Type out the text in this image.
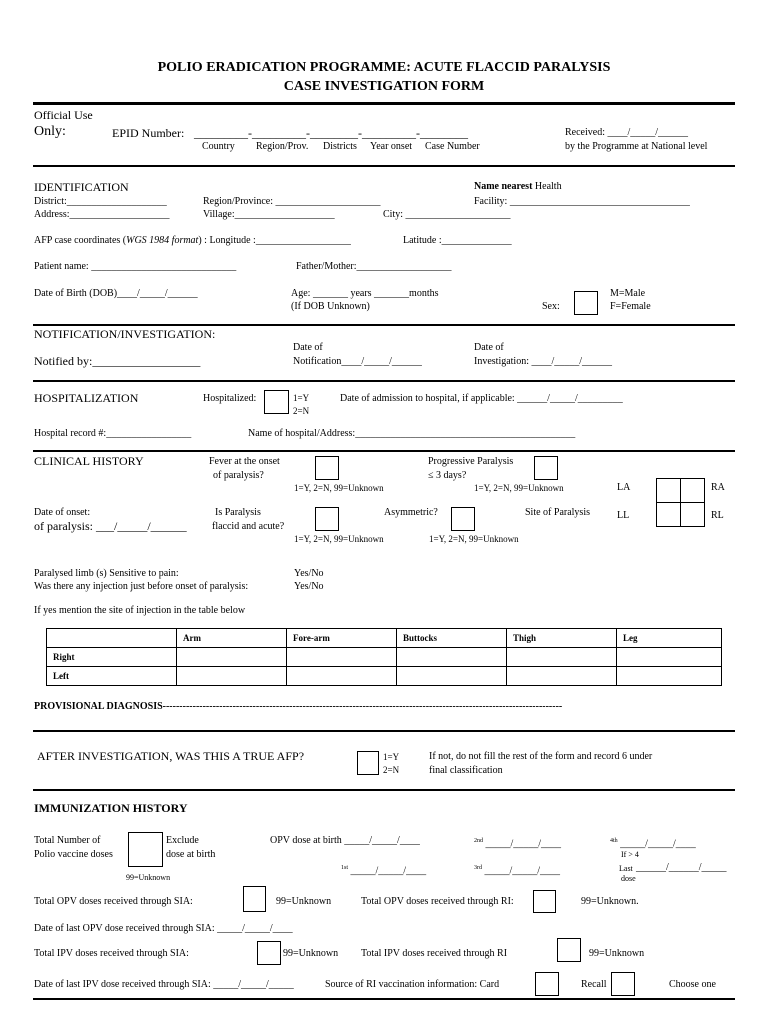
POLIO ERADICATION PROGRAMME: ACUTE FLACCID PARALYSIS
CASE INVESTIGATION FORM
Official Use
Only:	EPID Number: _________-_________-________-_________-________
Country Region/Prov. Districts Year onset Case Number
Received: ____/_____/______
by the Programme at National level
IDENTIFICATION	Name nearest Health
District:____________________	Region/Province: _____________________	Facility: ____________________________________
Address:____________________	Village:____________________	City: _____________________
AFP case coordinates (WGS 1984 format) : Longitude :___________________	Latitude :______________
Patient name: _____________________________	Father/Mother:___________________
Date of Birth (DOB)____/_____/______	Age: _______ years _______months
(If DOB Unknown)	Sex:
M=Male
F=Female
NOTIFICATION/INVESTIGATION:
Notified by:__________________
Date of
Notification____/_____/______
Date of
Investigation: ____/_____/______
HOSPITALIZATION	Hospitalized:	1=Y
2=N
Date of admission to hospital, if applicable: ______/_____/_________
Hospital record #:_________________	Name of hospital/Address:____________________________________________
CLINICAL HISTORY	Fever at the onset
of paralysis?
1=Y, 2=N, 99=Unknown
Progressive Paralysis
≤ 3 days?
1=Y, 2=N, 99=Unknown	LA	RA
LL	RL
Date of onset:
of paralysis: ___/_____/______
Is Paralysis
flaccid and acute?
1=Y, 2=N, 99=Unknown
Asymmetric?
1=Y, 2=N, 99=Unknown
Site of Paralysis
Paralysed limb (s) Sensitive to pain:	Yes/No
Was there any injection just before onset of paralysis:	Yes/No
If yes mention the site of injection in the table below
	Arm	Fore-arm	Buttocks	Thigh	Leg
Right					
Left					
PROVISIONAL DIAGNOSIS------------------------------------------------------------------------------------------------------------------------
AFTER INVESTIGATION, WAS THIS A TRUE AFP?	1=Y
2=N
If not, do not fill the rest of the form and record 6 under
final classification
IMMUNIZATION HISTORY
Total Number of
Polio vaccine doses
Exclude
dose at birth
99=Unknown
OPV dose at birth _____/_____/____	$^{2nd}$ _____/_____/____	$^{4th}$ _____/_____/____
If > 4
$^{1st}$ _____/_____/____	$^{3rd}$ _____/_____/____	Last ______/______/_____
dose
Total OPV doses received through SIA:	99=Unknown	Total OPV doses received through RI:	99=Unknown.
Date of last OPV dose received through SIA: _____/_____/____
Total IPV doses received through SIA:	99=Unknown Total IPV doses received through RI	99=Unknown
Date of last IPV dose received through SIA: _____/_____/_____	Source of RI vaccination information: Card	Recall	Choose one
